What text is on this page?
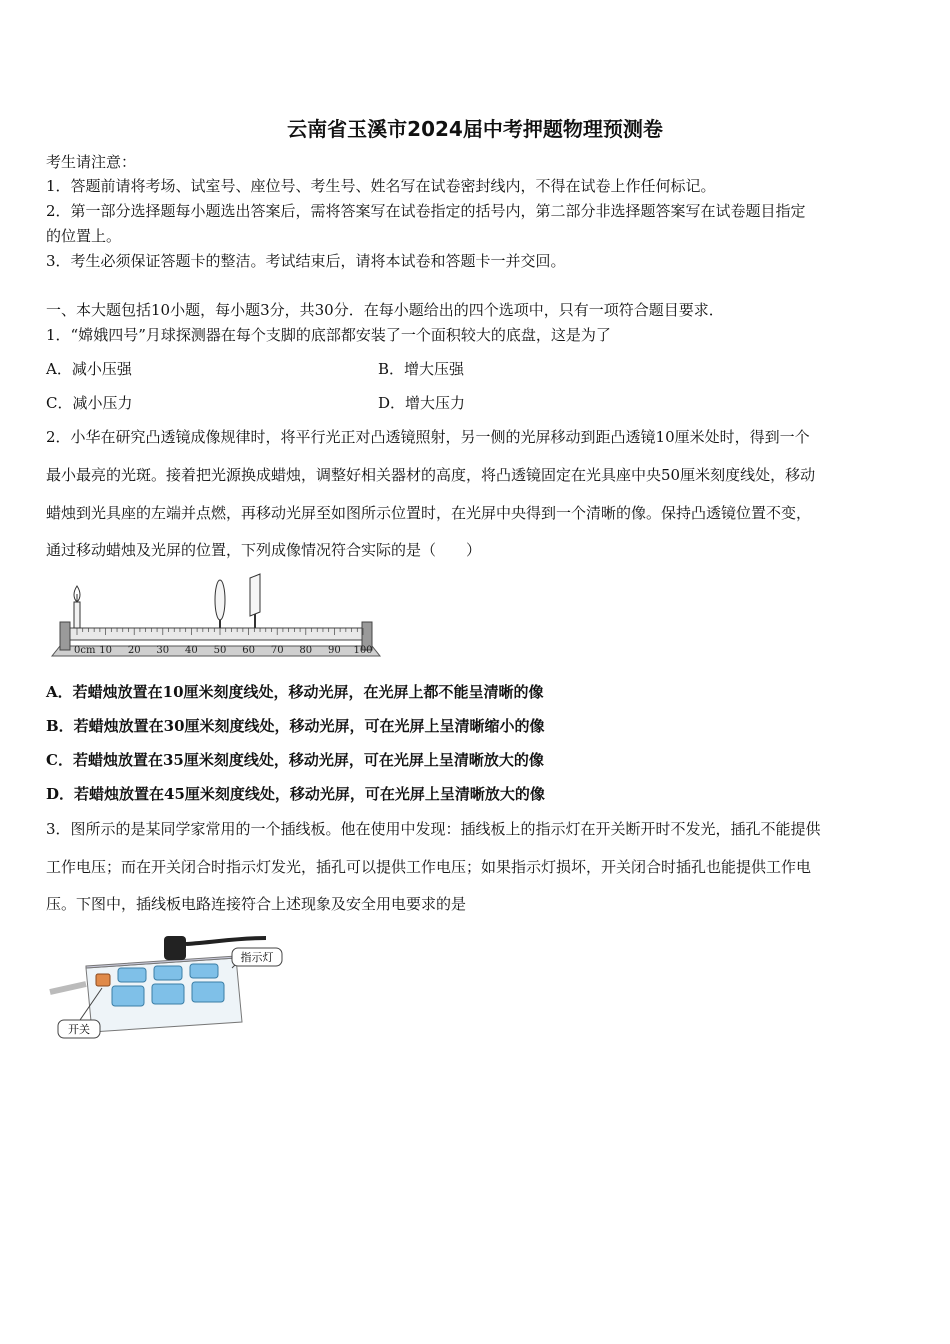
云南省玉溪市2024届中考押题物理预测卷
考生请注意：
1．答题前请将考场、试室号、座位号、考生号、姓名写在试卷密封线内，不得在试卷上作任何标记。
2．第一部分选择题每小题选出答案后，需将答案写在试卷指定的括号内，第二部分非选择题答案写在试卷题目指定
的位置上。
3．考生必须保证答题卡的整洁。考试结束后，请将本试卷和答题卡一并交回。
一、本大题包括10小题，每小题3分，共30分．在每小题给出的四个选项中，只有一项符合题目要求．
1．“嫦娥四号”月球探测器在每个支脚的底部都安装了一个面积较大的底盘，这是为了
A．减小压强	B．增大压强
C．减小压力	D．增大压力
2．小华在研究凸透镜成像规律时，将平行光正对凸透镜照射，另一侧的光屏移动到距凸透镜10厘米处时，得到一个
最小最亮的光斑。接着把光源换成蜡烛，调整好相关器材的高度，将凸透镜固定在光具座中央50厘米刻度线处，移动
蜡烛到光具座的左端并点燃，再移动光屏至如图所示位置时，在光屏中央得到一个清晰的像。保持凸透镜位置不变，
通过移动蜡烛及光屏的位置，下列成像情况符合实际的是（　　）
0cm 10 20 30 40 50 60 70 80 90 100
A．若蜡烛放置在10厘米刻度线处，移动光屏，在光屏上都不能呈清晰的像
B．若蜡烛放置在30厘米刻度线处，移动光屏，可在光屏上呈清晰缩小的像
C．若蜡烛放置在35厘米刻度线处，移动光屏，可在光屏上呈清晰放大的像
D．若蜡烛放置在45厘米刻度线处，移动光屏，可在光屏上呈清晰放大的像
3．图所示的是某同学家常用的一个插线板。他在使用中发现：插线板上的指示灯在开关断开时不发光，插孔不能提供
工作电压；而在开关闭合时指示灯发光，插孔可以提供工作电压；如果指示灯损坏，开关闭合时插孔也能提供工作电
压。下图中，插线板电路连接符合上述现象及安全用电要求的是
指示灯
开关
